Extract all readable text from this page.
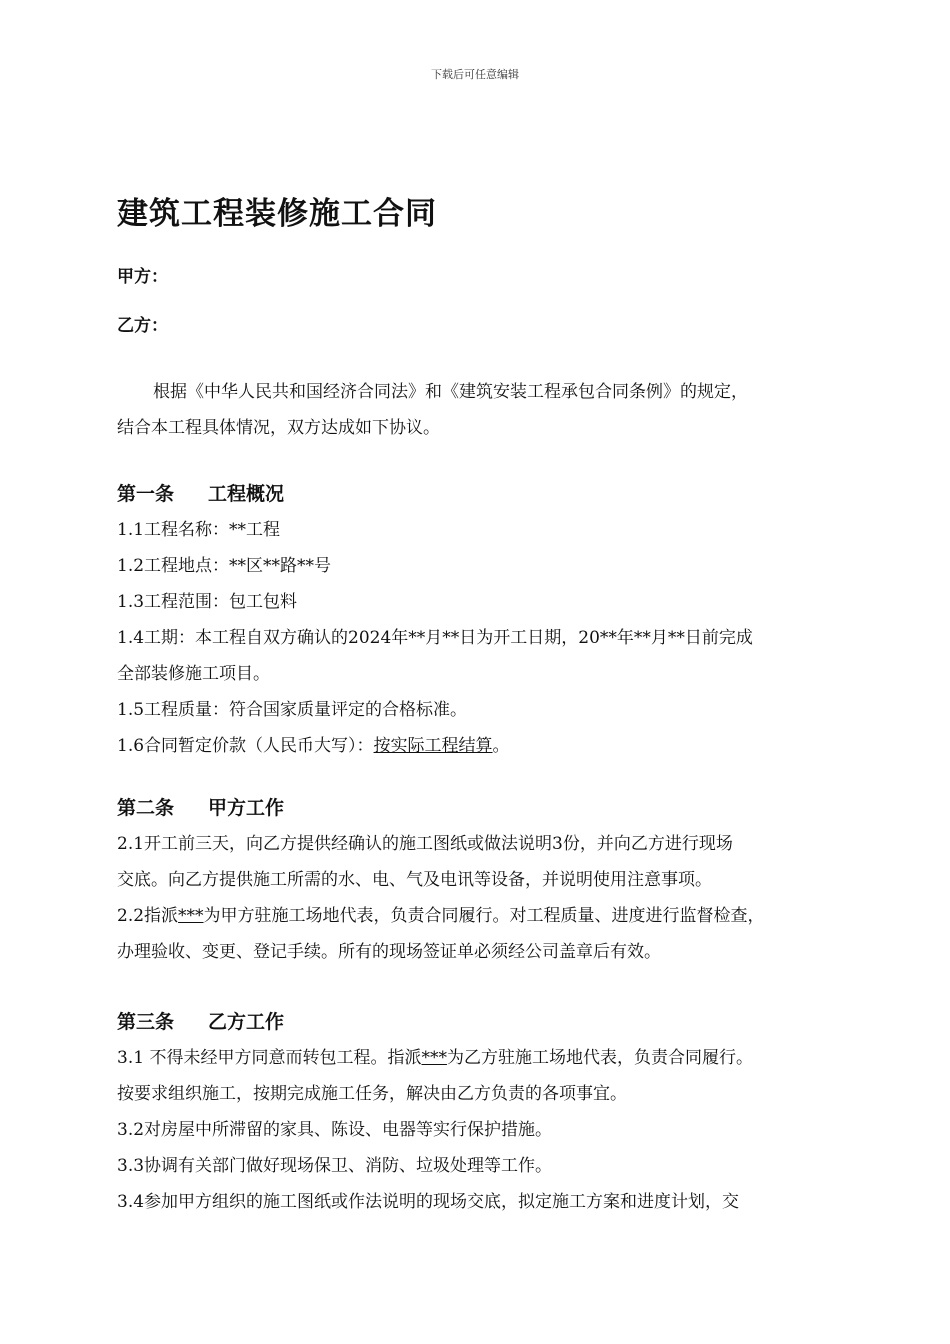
下载后可任意编辑
建筑工程装修施工合同
甲方：
乙方：
根据《中华人民共和国经济合同法》和《建筑安装工程承包合同条例》的规定，
结合本工程具体情况，双方达成如下协议。
第一条 工程概况
1.1工程名称：**工程
1.2工程地点：**区**路**号
1.3工程范围：包工包料
1.4工期：本工程自双方确认的2024年**月**日为开工日期，20**年**月**日前完成
全部装修施工项目。
1.5工程质量：符合国家质量评定的合格标准。
1.6合同暂定价款（人民币大写）：按实际工程结算。
第二条 甲方工作
2.1开工前三天，向乙方提供经确认的施工图纸或做法说明3份，并向乙方进行现场
交底。向乙方提供施工所需的水、电、气及电讯等设备，并说明使用注意事项。
2.2指派***为甲方驻施工场地代表，负责合同履行。对工程质量、进度进行监督检查，
办理验收、变更、登记手续。所有的现场签证单必须经公司盖章后有效。
第三条 乙方工作
3.1 不得未经甲方同意而转包工程。指派***为乙方驻施工场地代表，负责合同履行。
按要求组织施工，按期完成施工任务，解决由乙方负责的各项事宜。
3.2对房屋中所滞留的家具、陈设、电器等实行保护措施。
3.3协调有关部门做好现场保卫、消防、垃圾处理等工作。
3.4参加甲方组织的施工图纸或作法说明的现场交底，拟定施工方案和进度计划，交
